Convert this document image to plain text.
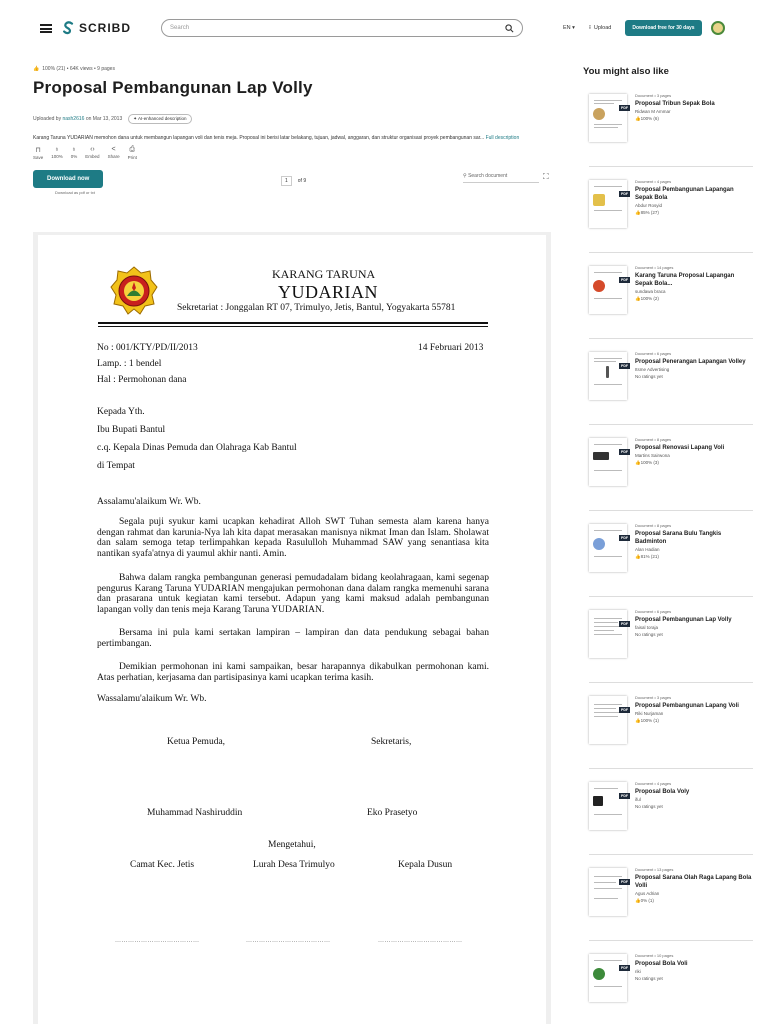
SCRIBD	Search	EN ▾	⭱ Upload	Download free for 30 days
👍 100% (21) • 64K views • 9 pages
Proposal Pembangunan Lap Volly
Uploaded by nash2616 on Mar 13, 2013	✦ AI-enhanced description
Karang Taruna YUDARIAN memohon dana untuk membangun lapangan voli dan tenis meja. Proposal ini berisi latar belakang, tujuan, jadwal, anggaran, dan struktur organisasi proyek pembangunan sar... Full description
⊓
Save
♁
100%
♁
0%
‹›
Embed
<
Share
⎙
Print
Download now
Download as pdf or txt
1	of 9
⚲ Search document	⛶
KARANG TARUNA
YUDARIAN
Sekretariat : Jonggalan RT 07, Trimulyo, Jetis, Bantul, Yogyakarta 55781
No : 001/KTY/PD/II/2013	14 Februari 2013
Lamp. : 1 bendel
Hal : Permohonan dana
Kepada Yth.
Ibu Bupati Bantul
c.q. Kepala Dinas Pemuda dan Olahraga Kab Bantul
di Tempat
Assalamu'alaikum Wr. Wb.
Segala puji syukur kami ucapkan kehadirat Alloh SWT Tuhan semesta alam karena hanya dengan rahmat dan karunia-Nya lah kita dapat merasakan manisnya nikmat Iman dan Islam. Sholawat dan salam semoga tetap terlimpahkan kepada Rasululloh Muhammad SAW yang senantiasa kita nantikan syafa'atnya di yaumul akhir nanti. Amin.
Bahwa dalam rangka pembangunan generasi pemudadalam bidang keolahragaan, kami segenap pengurus Karang Taruna YUDARIAN mengajukan permohonan dana dalam rangka memenuhi sarana dan prasarana untuk kegiatan kami tersebut. Adapun yang kami maksud adalah pembangunan lapangan volly dan tenis meja Karang Taruna YUDARIAN.
Bersama ini pula kami sertakan lampiran – lampiran dan data pendukung sebagai bahan pertimbangan.
Demikian permohonan ini kami sampaikan, besar harapannya dikabulkan permohonan kami. Atas perhatian, kerjasama dan partisipasinya kami ucapkan terima kasih.
Wassalamu'alaikum Wr. Wb.
Ketua Pemuda,	Sekretaris,
Muhammad Nashiruddin	Eko Prasetyo
Mengetahui,
Camat Kec. Jetis	Lurah Desa Trimulyo	Kepala Dusun
…………………………………	…………………………………	…………………………………
You might also like
PDF
Document • 3 pages
Proposal Tribun Sepak Bola
Ridwan M Ammar
👍100% (6)
PDF
Document • 4 pages
Proposal Pembangunan Lapangan Sepak Bola
Abdur Rosyid
👍85% (27)
PDF
Document • 14 pages
Karang Taruna Proposal Lapangan Sepak Bola...
sundawa braca
👍100% (2)
PDF
Document • 6 pages
Proposal Penerangan Lapangan Volley
Itsme Advertising
No ratings yet
PDF
Document • 8 pages
Proposal Renovasi Lapang Voli
Martins Sairwona
👍100% (3)
PDF
Document • 8 pages
Proposal Sarana Bulu Tangkis Badminton
Alan Hadian
👍81% (21)
PDF
Document • 6 pages
Proposal Pembangunan Lap Volly
faisal toraja
No ratings yet
PDF
Document • 3 pages
Proposal Pembangunan Lapang Voli
Riki Nurjaman
👍100% (1)
PDF
Document • 4 pages
Proposal Bola Voly
iful
No ratings yet
PDF
Document • 13 pages
Proposal Sarana Olah Raga Lapang Bola Volli
Agus Adrian
👍0% (1)
PDF
Document • 10 pages
Proposal Bola Voli
riki
No ratings yet
